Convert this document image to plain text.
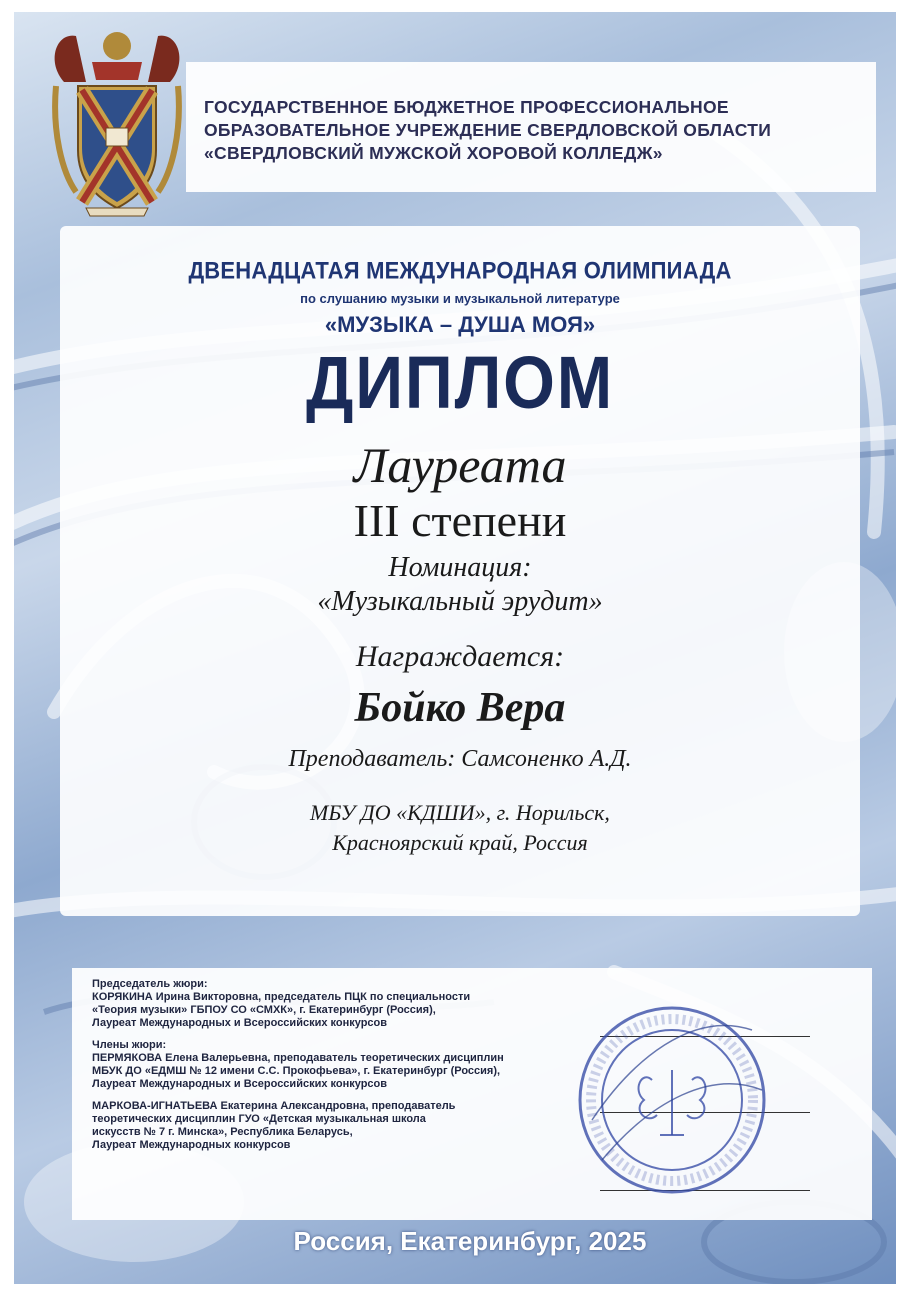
ГОСУДАРСТВЕННОЕ БЮДЖЕТНОЕ ПРОФЕССИОНАЛЬНОЕ
ОБРАЗОВАТЕЛЬНОЕ УЧРЕЖДЕНИЕ СВЕРДЛОВСКОЙ ОБЛАСТИ
«СВЕРДЛОВСКИЙ МУЖСКОЙ ХОРОВОЙ КОЛЛЕДЖ»
ДВЕНАДЦАТАЯ МЕЖДУНАРОДНАЯ ОЛИМПИАДА
по слушанию музыки и музыкальной литературе
«МУЗЫКА – ДУША МОЯ»
ДИПЛОМ
Лауреата
III степени
Номинация:
«Музыкальный эрудит»
Награждается:
Бойко Вера
Преподаватель: Самсоненко А.Д.
МБУ ДО «КДШИ», г. Норильск,
Красноярский край, Россия
Председатель жюри:
КОРЯКИНА Ирина Викторовна, председатель ПЦК по специальности
«Теория музыки» ГБПОУ СО «СМХК», г. Екатеринбург (Россия),
Лауреат Международных и Всероссийских конкурсов
Члены жюри:
ПЕРМЯКОВА Елена Валерьевна, преподаватель теоретических дисциплин
МБУК ДО «ЕДМШ № 12 имени С.С. Прокофьева», г. Екатеринбург (Россия),
Лауреат Международных и Всероссийских конкурсов
МАРКОВА-ИГНАТЬЕВА Екатерина Александровна, преподаватель
теоретических дисциплин ГУО «Детская музыкальная школа
искусств № 7 г. Минска», Республика Беларусь,
Лауреат Международных конкурсов
Россия, Екатеринбург, 2025
